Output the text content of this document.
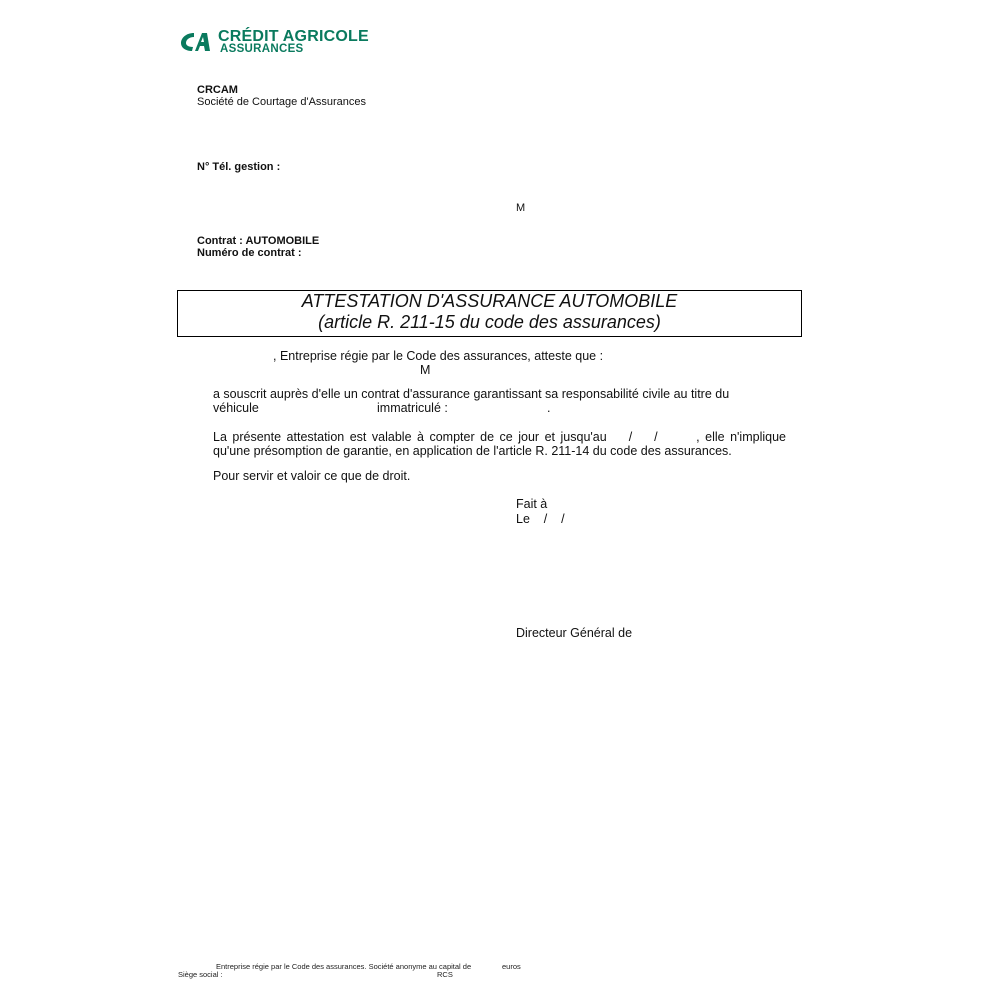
CRÉDIT AGRICOLE
ASSURANCES
CRCAM
Société de Courtage d'Assurances
N° Tél. gestion :
M
Contrat : AUTOMOBILE
Numéro de contrat :
ATTESTATION D'ASSURANCE AUTOMOBILE
(article R. 211-15 du code des assurances)
, Entreprise régie par le Code des assurances, atteste que :
M
a souscrit auprès d'elle un contrat d'assurance garantissant sa responsabilité civile au titre du
véhicule	immatriculé :	.
La présente attestation est valable à compter de ce jour et jusqu'au    /    /       , elle n'implique
qu'une présomption de garantie, en application de l'article R. 211-14 du code des assurances.
Pour servir et valoir ce que de droit.
Fait à
Le    /    /
Directeur Général de
Entreprise régie par le Code des assurances. Société anonyme au capital de	euros
Siège social :	RCS
